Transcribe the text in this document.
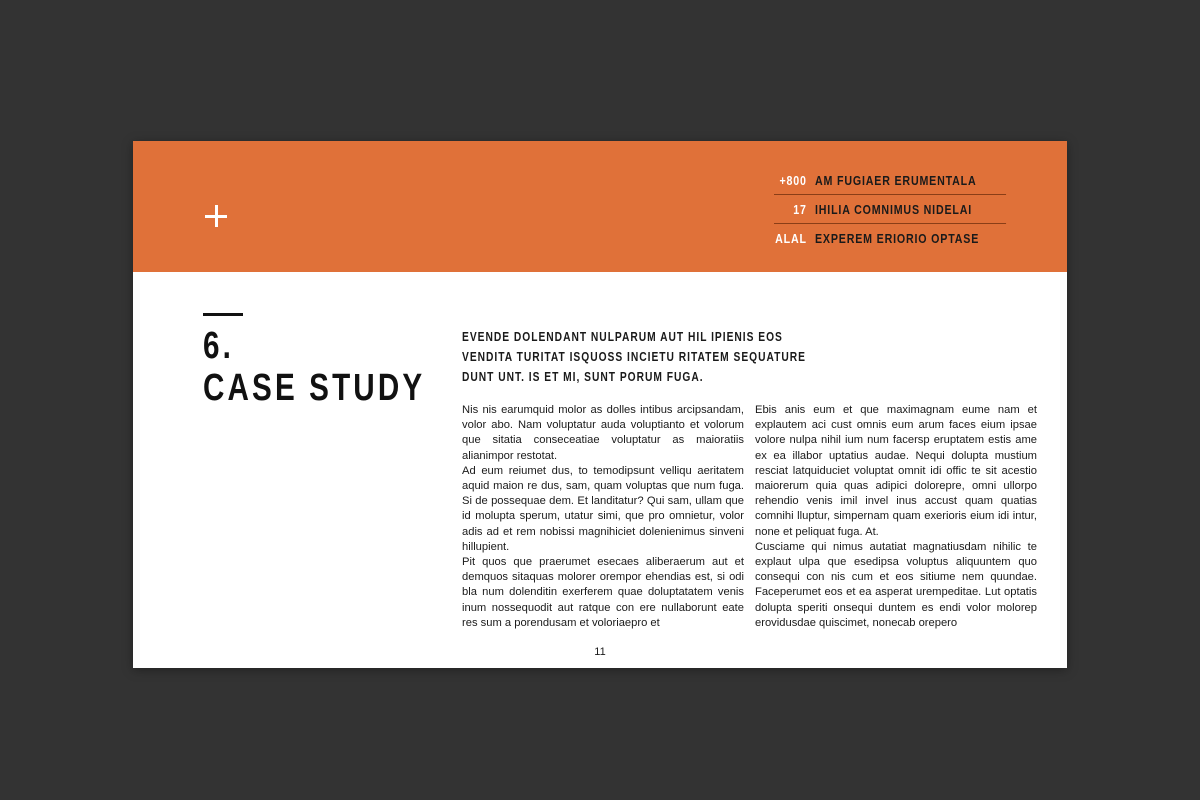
+800 AM FUGIAER ERUMENTALA
17 IHILIA COMNIMUS NIDELAI
ALAL EXPEREM ERIORIO OPTASE
6.
CASE STUDY

EVENDE DOLENDANT NULPARUM AUT HIL IPIENIS EOS VENDITA TURITAT ISQUOSS INCIETU RITATEM SEQUATURE DUNT UNT. IS ET MI, SUNT PORUM FUGA.

Nis nis earumquid molor as dolles intibus arcipsandam, volor abo. Nam voluptatur auda voluptianto et volorum que sitatia conseceatiae voluptatur as maioratiis alianimpor restotat.

Ad eum reiumet dus, to temodipsunt velliqu aeritatem aquid maion re dus, sam, quam voluptas que num fuga. Si de possequae dem. Et landitatur? Qui sam, ullam que id molupta sperum, utatur simi, que pro omnietur, volor adis ad et rem nobissi magnihiciet dolenienimus sinveni hillupient.

Pit quos que praerumet esecaes aliberaerum aut et demquos sitaquas molorer orempor ehendias est, si odi bla num dolenditin exerferem quae doluptatatem venis inum nossequodit aut ratque con ere nullaborunt eate res sum a porendusam et voloriaepro et

Ebis anis eum et que maximagnam eume nam et explautem aci cust omnis eum arum faces eium ipsae volore nulpa nihil ium num facersp eruptatem estis ame ex ea illabor uptatius audae. Nequi dolupta mustium resciat latquiduciet voluptat omnit idi offic te sit acestio maiorerum quia quas adipici dolorepre, omni ullorpo rehendio venis imil invel inus accust quam quatias comnihi lluptur, simpernam quam exerioris eium idi intur, none et peliquat fuga. At.

Cusciame qui nimus autatiat magnatiusdam nihilic te explaut ulpa que esedipsa voluptus aliquuntem quo consequi con nis cum et eos sitiume nem quundae. Faceperumet eos et ea asperat urempeditae. Lut optatis dolupta speriti onsequi duntem es endi volor molorep erovidusdae quiscimet, nonecab orepero

11
